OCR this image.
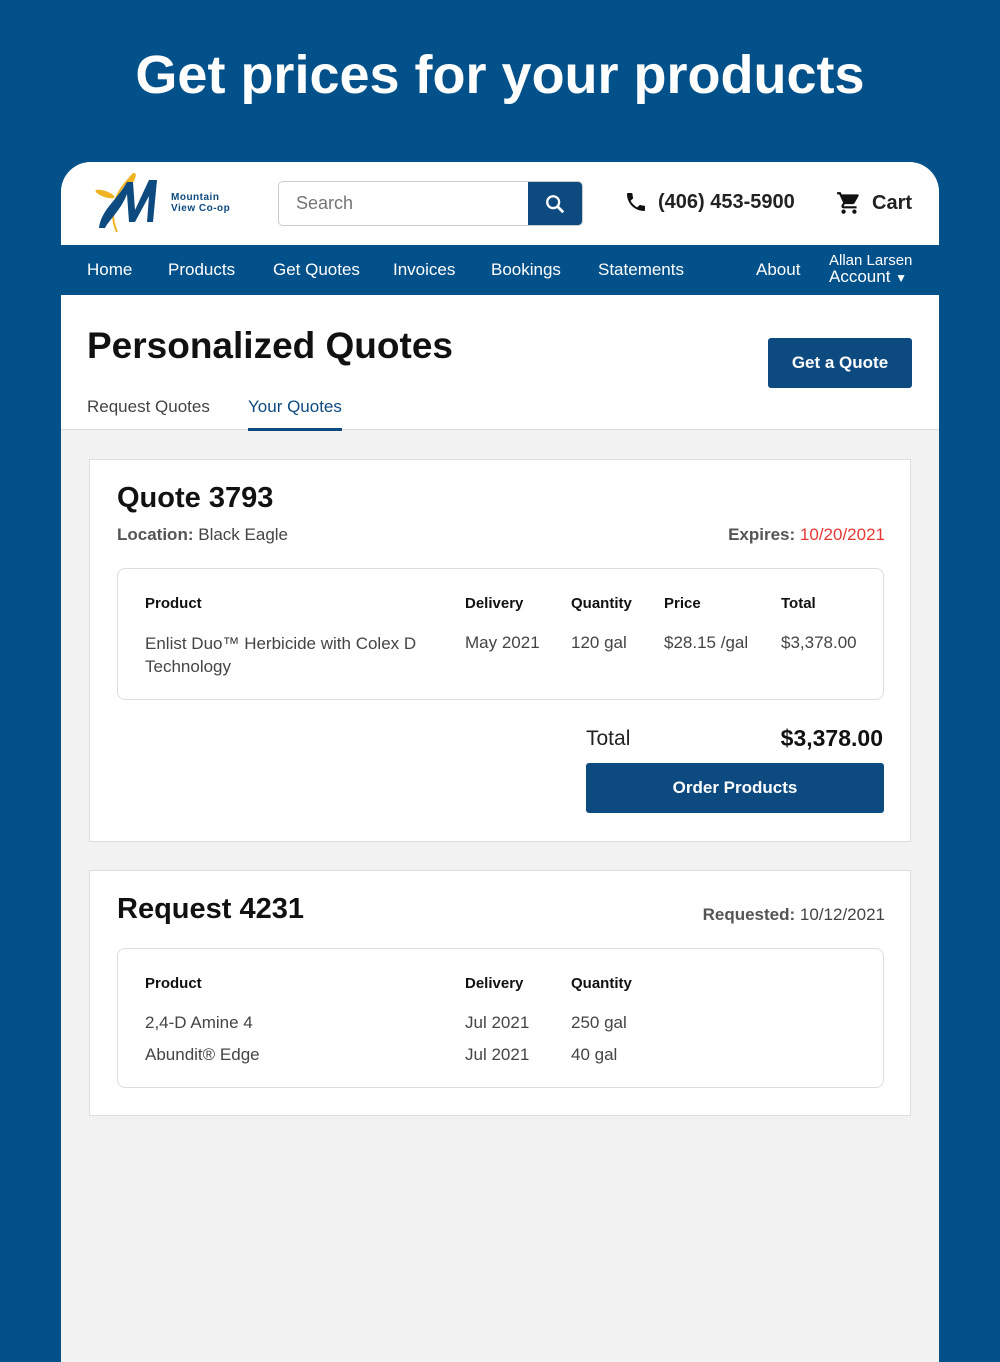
Get prices for your products
Mountain
View Co-op
Search	(406) 453-5900	Cart
Home Products Get Quotes Invoices Bookings Statements	About Allan Larsen
Account ▼
Personalized Quotes	Get a Quote
Request Quotes Your Quotes
Quote 3793
Location: Black Eagle	Expires: 10/20/2021
Product	Delivery	Quantity Price	Total
Enlist Duo™ Herbicide with Colex D Technology
May 2021 120 gal $28.15 /gal $3,378.00
Total	$3,378.00
Order Products
Request 4231	Requested: 10/12/2021
Product	Delivery	Quantity
2,4-D Amine 4	Jul 2021 250 gal
Abundit® Edge	Jul 2021 40 gal
